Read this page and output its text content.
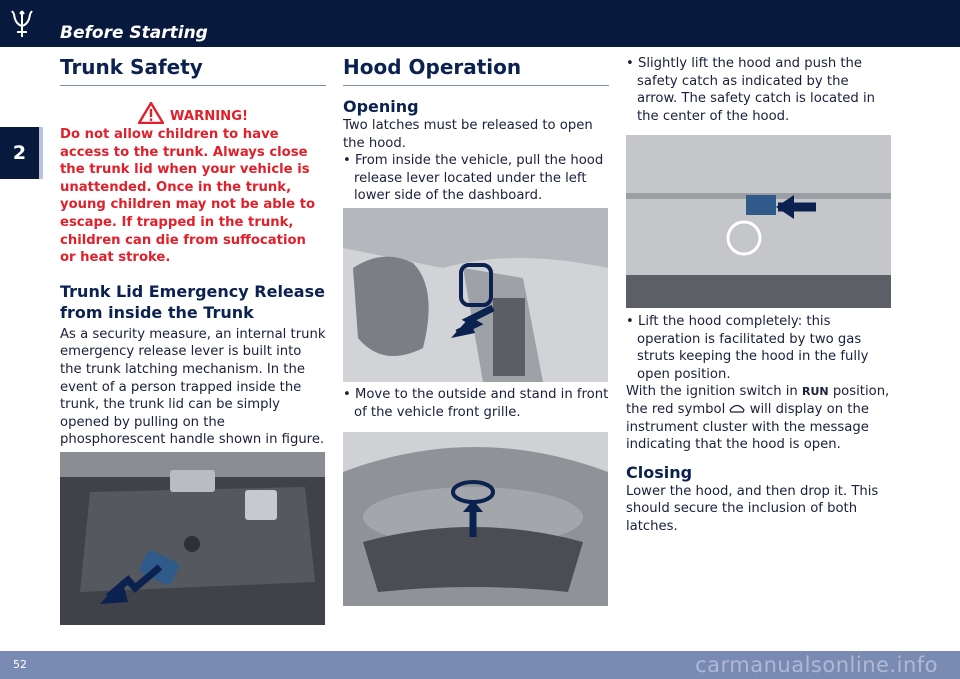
Before Starting
2
Trunk Safety
WARNING!
Do not allow children to have access to the trunk. Always close the trunk lid when your vehicle is unattended. Once in the trunk, young children may not be able to escape. If trapped in the trunk, children can die from suffocation or heat stroke.
Trunk Lid Emergency Release from inside the Trunk

As a security measure, an internal trunk emergency release lever is built into the trunk latching mechanism. In the event of a person trapped inside the trunk, the trunk lid can be simply opened by pulling on the phosphorescent handle shown in figure.

Hood Operation
Opening

Two latches must be released to open the hood.

• From inside the vehicle, pull the hood release lever located under the left lower side of the dashboard.
• Move to the outside and stand in front of the vehicle front grille.
• Slightly lift the hood and push the safety catch as indicated by the arrow. The safety catch is located in the center of the hood.
• Lift the hood completely: this operation is facilitated by two gas struts keeping the hood in the fully open position.

With the ignition switch in RUN position, the red symbol will display on the instrument cluster with the message indicating that the hood is open.

Closing

Lower the hood, and then drop it. This should secure the inclusion of both latches.

52	carmanualsonline.info
